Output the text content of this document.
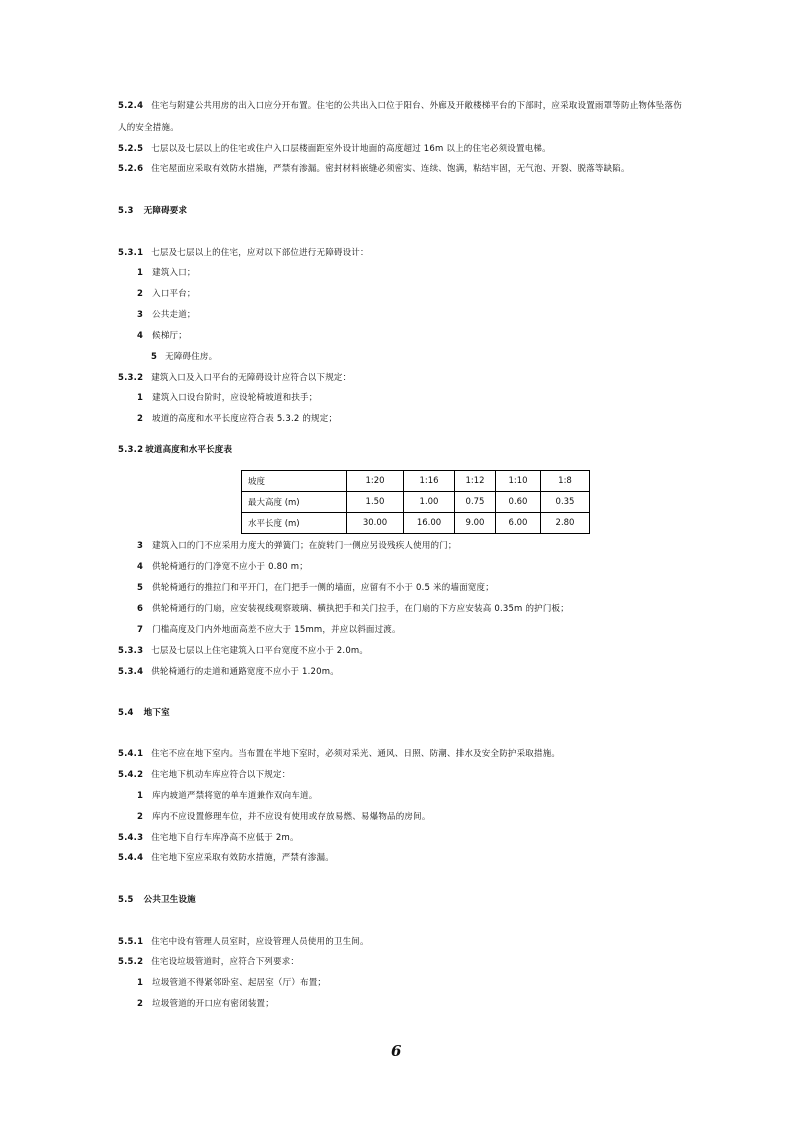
5.2.4 住宅与附建公共用房的出入口应分开布置。住宅的公共出入口位于阳台、外廊及开敞楼梯平台的下部时，应采取设置雨罩等防止物体坠落伤
人的安全措施。
5.2.5 七层以及七层以上的住宅或住户入口层楼面距室外设计地面的高度超过 16m 以上的住宅必须设置电梯。
5.2.6 住宅屋面应采取有效防水措施，严禁有渗漏。密封材料嵌缝必须密实、连续、饱满，粘结牢固，无气泡、开裂、脱落等缺陷。
5.3 无障碍要求
5.3.1 七层及七层以上的住宅，应对以下部位进行无障碍设计：
1 建筑入口；
2 入口平台；
3 公共走道；
4 候梯厅；
5 无障碍住房。
5.3.2 建筑入口及入口平台的无障碍设计应符合以下规定：
1 建筑入口设台阶时，应设轮椅坡道和扶手；
2 坡道的高度和水平长度应符合表 5.3.2 的规定；
5.3.2 坡道高度和水平长度表
坡度	1:20	1:16	1:12	1:10	1:8
最大高度 (m)	1.50	1.00	0.75	0.60	0.35
水平长度 (m)	30.00	16.00	9.00	6.00	2.80
3 建筑入口的门不应采用力度大的弹簧门；在旋转门一侧应另设残疾人使用的门；
4 供轮椅通行的门净宽不应小于 0.80 m；
5 供轮椅通行的推拉门和平开门，在门把手一侧的墙面，应留有不小于 0.5 米的墙面宽度；
6 供轮椅通行的门扇，应安装视线观察玻璃、横执把手和关门拉手，在门扇的下方应安装高 0.35m 的护门板；
7 门槛高度及门内外地面高差不应大于 15mm，并应以斜面过渡。
5.3.3 七层及七层以上住宅建筑入口平台宽度不应小于 2.0m。
5.3.4 供轮椅通行的走道和通路宽度不应小于 1.20m。
5.4 地下室
5.4.1 住宅不应在地下室内。当布置在半地下室时，必须对采光、通风、日照、防潮、排水及安全防护采取措施。
5.4.2 住宅地下机动车库应符合以下规定：
1 库内坡道严禁将宽的单车道兼作双向车道。
2 库内不应设置修理车位，并不应设有使用或存放易燃、易爆物品的房间。
5.4.3 住宅地下自行车库净高不应低于 2m。
5.4.4 住宅地下室应采取有效防水措施，严禁有渗漏。
5.5 公共卫生设施
5.5.1 住宅中设有管理人员室时，应设管理人员使用的卫生间。
5.5.2 住宅设垃圾管道时，应符合下列要求：
1 垃圾管道不得紧邻卧室、起居室（厅）布置；
2 垃圾管道的开口应有密闭装置；
6
